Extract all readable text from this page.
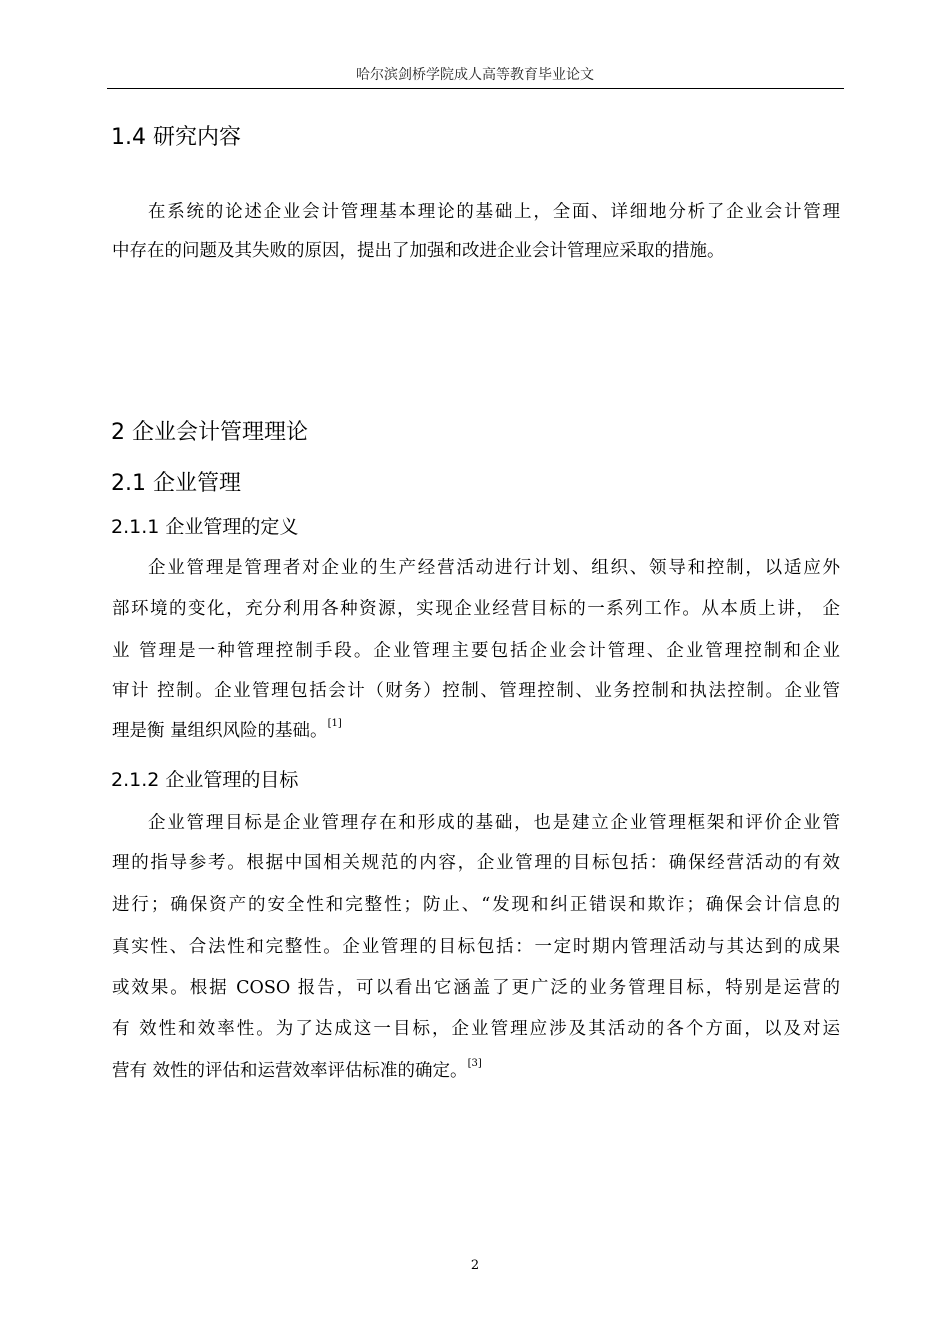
哈尔滨剑桥学院成人高等教育毕业论文
1.4 研究内容
在系统的论述企业会计管理基本理论的基础上，全面、详细地分析了企业会计管理
中存在的问题及其失败的原因，提出了加强和改进企业会计管理应采取的措施。
2 企业会计管理理论
2.1 企业管理
2.1.1 企业管理的定义
企业管理是管理者对企业的生产经营活动进行计划、组织、领导和控制，以适应外
部环境的变化，充分利用各种资源，实现企业经营目标的一系列工作。从本质上讲， 企
业 管理是一种管理控制手段。企业管理主要包括企业会计管理、企业管理控制和企业
审计 控制。企业管理包括会计（财务）控制、管理控制、业务控制和执法控制。企业管
理是衡 量组织风险的基础。[1]
2.1.2 企业管理的目标
企业管理目标是企业管理存在和形成的基础，也是建立企业管理框架和评价企业管
理的指导参考。根据中国相关规范的内容，企业管理的目标包括：确保经营活动的有效
进行；确保资产的安全性和完整性；防止、“发现和纠正错误和欺诈；确保会计信息的
真实性、合法性和完整性。企业管理的目标包括：一定时期内管理活动与其达到的成果
或效果。根据 COSO 报告，可以看出它涵盖了更广泛的业务管理目标，特别是运营的
有 效性和效率性。为了达成这一目标，企业管理应涉及其活动的各个方面，以及对运
营有 效性的评估和运营效率评估标准的确定。[3]
2
